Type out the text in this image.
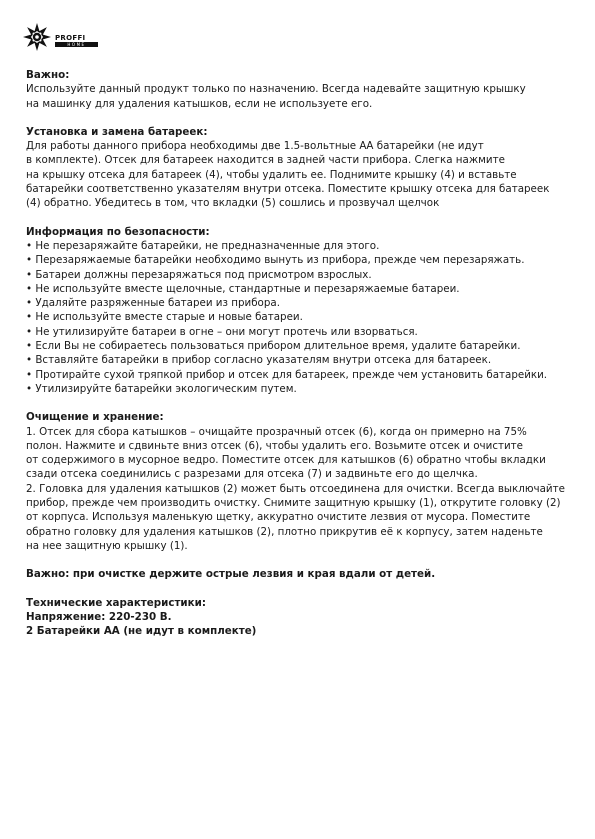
PROFFI
HOME

Важно:

Используйте данный продукт только по назначению. Всегда надевайте защитную крышку

на машинку для удаления катышков, если не используете его.

Установка и замена батареек:

Для работы данного прибора необходимы две 1.5-вольтные АА батарейки (не идут

в комплекте). Отсек для батареек находится в задней части прибора. Слегка нажмите

на крышку отсека для батареек (4), чтобы удалить ее. Поднимите крышку (4) и вставьте

батарейки соответственно указателям внутри отсека. Поместите крышку отсека для батареек

(4) обратно. Убедитесь в том, что вкладки (5) сошлись и прозвучал щелчок

Информация по безопасности:

• Не перезаряжайте батарейки, не предназначенные для этого.

• Перезаряжаемые батарейки необходимо вынуть из прибора, прежде чем перезаряжать.

• Батареи должны перезаряжаться под присмотром взрослых.

• Не используйте вместе щелочные, стандартные и перезаряжаемые батареи.

• Удаляйте разряженные батареи из прибора.

• Не используйте вместе старые и новые батареи.

• Не утилизируйте батареи в огне – они могут протечь или взорваться.

• Если Вы не собираетесь пользоваться прибором длительное время, удалите батарейки.

• Вставляйте батарейки в прибор согласно указателям внутри отсека для батареек.

• Протирайте сухой тряпкой прибор и отсек для батареек, прежде чем установить батарейки.

• Утилизируйте батарейки экологическим путем.

Очищение и хранение:

1. Отсек для сбора катышков – очищайте прозрачный отсек (6), когда он примерно на 75%

полон. Нажмите и сдвиньте вниз отсек (6), чтобы удалить его. Возьмите отсек и очистите

от содержимого в мусорное ведро. Поместите отсек для катышков (6) обратно чтобы вкладки

сзади отсека соединились с разрезами для отсека (7) и задвиньте его до щелчка.

2. Головка для удаления катышков (2) может быть отсоединена для очистки. Всегда выключайте

прибор, прежде чем производить очистку. Снимите защитную крышку (1), открутите головку (2)

от корпуса. Используя маленькую щетку, аккуратно очистите лезвия от мусора. Поместите

обратно головку для удаления катышков (2), плотно прикрутив её к корпусу, затем наденьте

на нее защитную крышку (1).

Важно: при очистке держите острые лезвия и края вдали от детей.

Технические характеристики:

Напряжение: 220-230 В.

2 Батарейки АА (не идут в комплекте)
